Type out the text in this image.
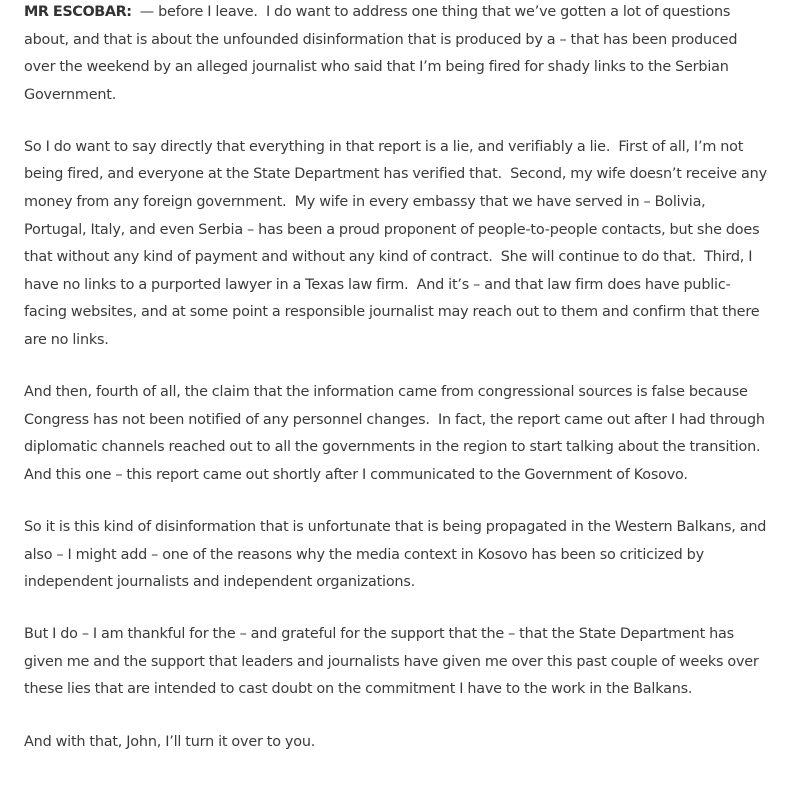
MR ESCOBAR:  — before I leave.  I do want to address one thing that we’ve gotten a lot of questions about, and that is about the unfounded disinformation that is produced by a – that has been produced over the weekend by an alleged journalist who said that I’m being fired for shady links to the Serbian Government.

So I do want to say directly that everything in that report is a lie, and verifiably a lie.  First of all, I’m not being fired, and everyone at the State Department has verified that.  Second, my wife doesn’t receive any money from any foreign government.  My wife in every embassy that we have served in – Bolivia, Portugal, Italy, and even Serbia – has been a proud proponent of people-to-people contacts, but she does that without any kind of payment and without any kind of contract.  She will continue to do that.  Third, I have no links to a purported lawyer in a Texas law firm.  And it’s – and that law firm does have public-facing websites, and at some point a responsible journalist may reach out to them and confirm that there are no links.

And then, fourth of all, the claim that the information came from congressional sources is false because Congress has not been notified of any personnel changes.  In fact, the report came out after I had through diplomatic channels reached out to all the governments in the region to start talking about the transition.  And this one – this report came out shortly after I communicated to the Government of Kosovo.

So it is this kind of disinformation that is unfortunate that is being propagated in the Western Balkans, and also – I might add – one of the reasons why the media context in Kosovo has been so criticized by independent journalists and independent organizations.

But I do – I am thankful for the – and grateful for the support that the – that the State Department has given me and the support that leaders and journalists have given me over this past couple of weeks over these lies that are intended to cast doubt on the commitment I have to the work in the Balkans.

And with that, John, I’ll turn it over to you.
